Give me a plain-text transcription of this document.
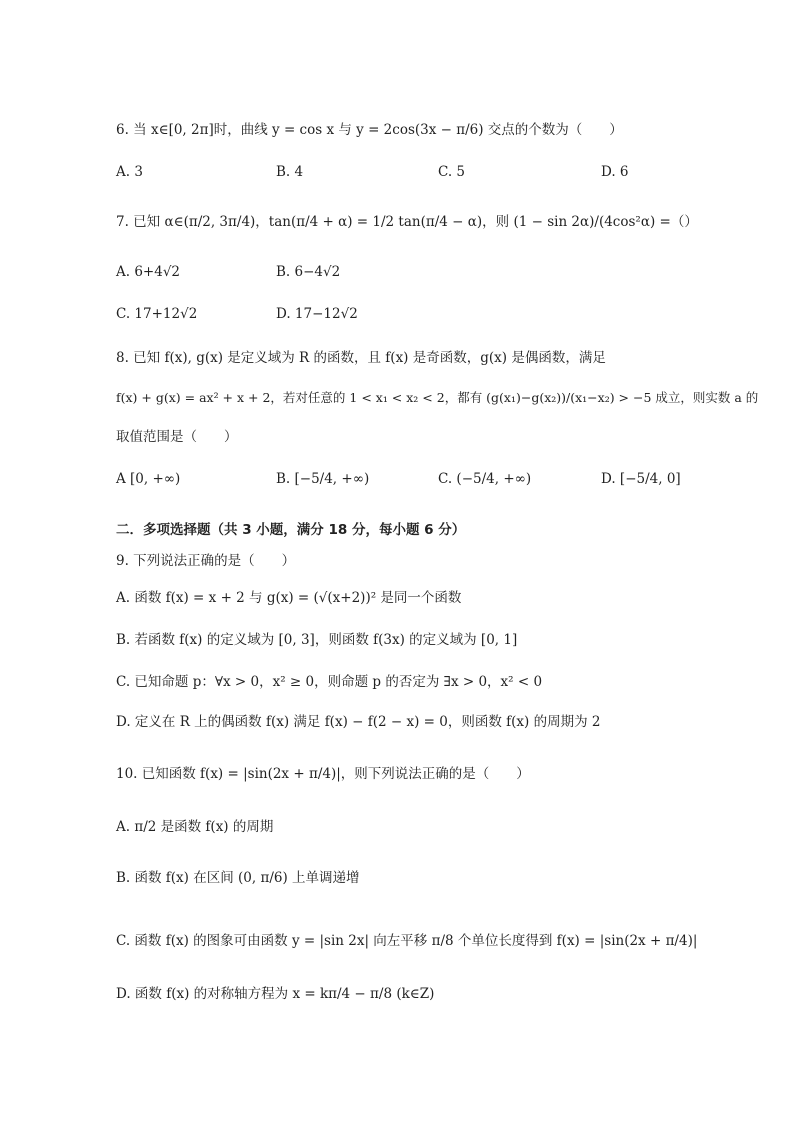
6. 当 x∈[0, 2π]时，曲线 y = cos x 与 y = 2cos(3x − π/6) 交点的个数为（　　）
A. 3	B. 4	C. 5	D. 6
7. 已知 α∈(π/2, 3π/4)，tan(π/4 + α) = 1/2 tan(π/4 − α)，则 (1 − sin 2α)/(4cos²α) =（）
A. 6+4√2	B. 6−4√2
C. 17+12√2	D. 17−12√2
8. 已知 f(x), g(x) 是定义域为 R 的函数，且 f(x) 是奇函数，g(x) 是偶函数，满足
f(x) + g(x) = ax² + x + 2，若对任意的 1 < x₁ < x₂ < 2，都有 (g(x₁)−g(x₂))/(x₁−x₂) > −5 成立，则实数 a 的
取值范围是（　　）
A [0, +∞)	B. [−5/4, +∞)	C. (−5/4, +∞)	D. [−5/4, 0]
二．多项选择题（共 3 小题，满分 18 分，每小题 6 分）
9. 下列说法正确的是（　　）
A. 函数 f(x) = x + 2 与 g(x) = (√(x+2))² 是同一个函数
B. 若函数 f(x) 的定义域为 [0, 3]，则函数 f(3x) 的定义域为 [0, 1]
C. 已知命题 p：∀x > 0，x² ≥ 0，则命题 p 的否定为 ∃x > 0，x² < 0
D. 定义在 R 上的偶函数 f(x) 满足 f(x) − f(2 − x) = 0，则函数 f(x) 的周期为 2
10. 已知函数 f(x) = |sin(2x + π/4)|，则下列说法正确的是（　　）
A. π/2 是函数 f(x) 的周期
B. 函数 f(x) 在区间 (0, π/6) 上单调递增
C. 函数 f(x) 的图象可由函数 y = |sin 2x| 向左平移 π/8 个单位长度得到 f(x) = |sin(2x + π/4)|
D. 函数 f(x) 的对称轴方程为 x = kπ/4 − π/8 (k∈Z)
